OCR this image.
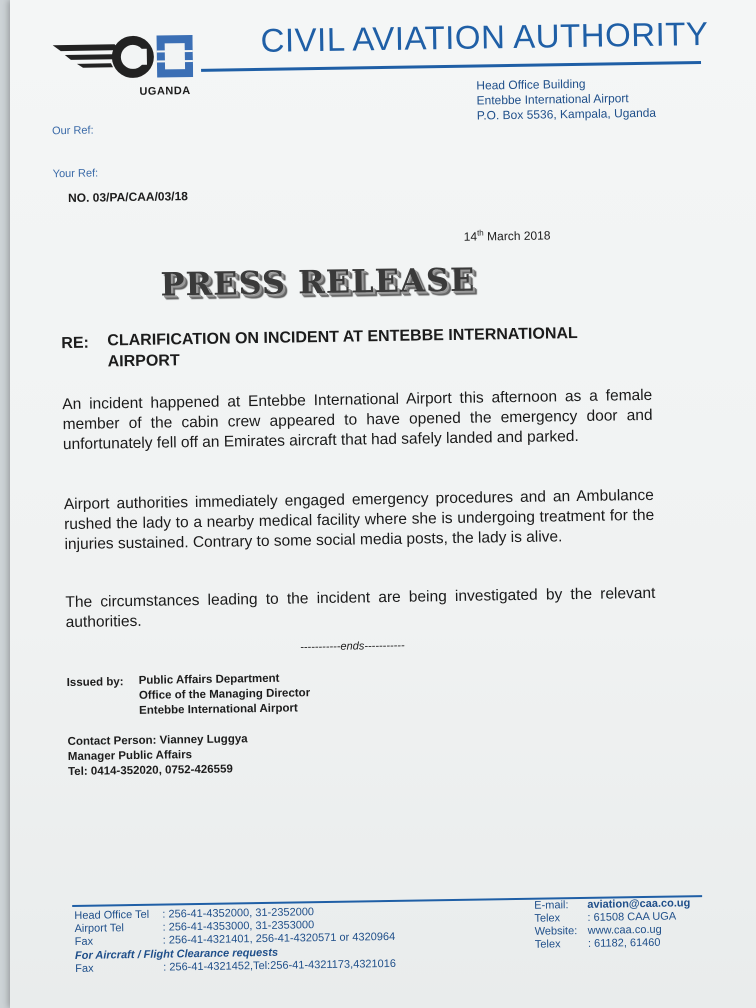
UGANDA
CIVIL AVIATION AUTHORITY
Head Office Building
Entebbe International Airport
P.O. Box 5536, Kampala, Uganda
Our Ref:
Your Ref:
NO. 03/PA/CAA/03/18
14th March 2018
PRESS RELEASE
RE: CLARIFICATION ON INCIDENT AT ENTEBBE INTERNATIONAL AIRPORT
An incident happened at Entebbe International Airport this afternoon as a female member of the cabin crew appeared to have opened the emergency door and unfortunately fell off an Emirates aircraft that had safely landed and parked.
Airport authorities immediately engaged emergency procedures and an Ambulance rushed the lady to a nearby medical facility where she is undergoing treatment for the injuries sustained. Contrary to some social media posts, the lady is alive.
The circumstances leading to the incident are being investigated by the relevant authorities.
-----------ends-----------
Issued by: Public Affairs Department
Office of the Managing Director
Entebbe International Airport
Contact Person: Vianney Luggya
Manager Public Affairs
Tel: 0414-352020, 0752-426559
Head Office Tel	: 256-41-4352000, 31-2352000
Airport Tel	: 256-41-4353000, 31-2353000
Fax	: 256-41-4321401, 256-41-4320571 or 4320964
For Aircraft / Flight Clearance requests
Fax	: 256-41-4321452,Tel:256-41-4321173,4321016
E-mail: aviation@caa.co.ug
Telex : 61508 CAA UGA
Website: www.caa.co.ug
Telex : 61182, 61460
